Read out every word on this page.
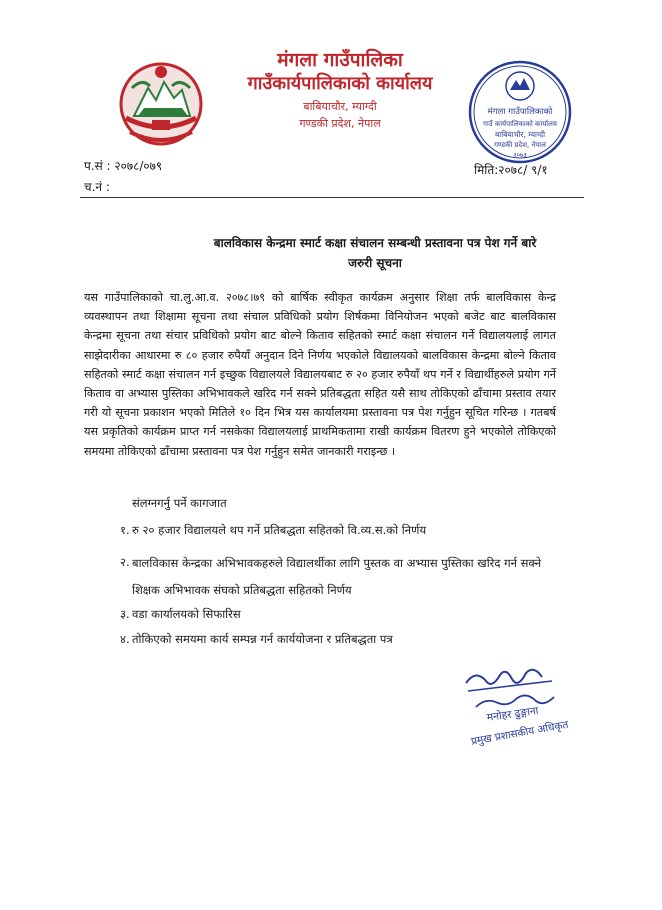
मंगला गाउँपालिका
गाउँकार्यपालिकाको कार्यालय
बाबियाचौर, म्याग्दी
गण्डकी प्रदेश, नेपाल
मंगला गाउँपालिकाको
गाउँ कार्यपालिकाको कार्यालय
बाबियाचौर, म्याग्दी
गण्डकी प्रदेश, नेपाल
२०७३
प.सं : २०७८/०७९
च.नं :
मिति:२०७८/ ९/१
बालविकास केन्द्रमा स्मार्ट कक्षा संचालन सम्बन्धी प्रस्तावना पत्र पेश गर्ने बारे
जरुरी सूचना
यस गाउँपालिकाको चा.लु.आ.व. २०७८।७९ को बार्षिक स्वीकृत कार्यक्रम अनुसार शिक्षा तर्फ बालविकास केन्द्र व्यवस्थापन तथा शिक्षामा सूचना तथा संचाल प्रविधिको प्रयोग शिर्षकमा विनियोजन भएको बजेट बाट बालविकास केन्द्रमा सूचना तथा संचार प्रविधिको प्रयोग बाट बोल्ने किताव सहितको स्मार्ट कक्षा संचालन गर्ने विद्यालयलाई लागत साझेदारीका आधारमा रु ८० हजार रुपैयाँ अनुदान दिने निर्णय भएकोले विद्यालयको बालविकास केन्द्रमा बोल्ने किताव सहितको स्मार्ट कक्षा संचालन गर्न इच्छुक विद्यालयले विद्यालयबाट रु २० हजार रुपैयाँ थप गर्ने र विद्यार्थीहरुले प्रयोग गर्ने किताव वा अभ्यास पुस्तिका अभिभावकले खरिद गर्न सक्ने प्रतिबद्धता सहित यसै साथ तोकिएको ढाँचामा प्रस्ताव तयार गरी यो सूचना प्रकाशन भएको मितिले १० दिन भित्र यस कार्यालयमा प्रस्तावना पत्र पेश गर्नुहुन सूचित गरिन्छ । गतबर्ष यस प्रकृतिको कार्यक्रम प्राप्त गर्न नसकेका विद्यालयलाई प्राथमिकतामा राखी कार्यक्रम वितरण हुने भएकोले तोकिएको समयमा तोकिएको ढाँचामा प्रस्तावना पत्र पेश गर्नुहुन समेत जानकारी गराइन्छ ।
संलग्नगर्नु पर्ने कागजात
१. रु २० हजार विद्यालयले थप गर्ने प्रतिबद्धता सहितको वि.व्य.स.को निर्णय
२. बालविकास केन्द्रका अभिभावकहरुले विद्यालर्थीका लागि पुस्तक वा अभ्यास पुस्तिका खरिद गर्न सक्ने शिक्षक अभिभावक संघको प्रतिबद्धता सहितको निर्णय
३. वडा कार्यालयको सिफारिस
४. तोकिएको समयमा कार्य सम्पन्न गर्न कार्ययोजना र प्रतिबद्धता पत्र
मनोहर ढुङ्गाना
प्रमुख प्रशासकीय अधिकृत
